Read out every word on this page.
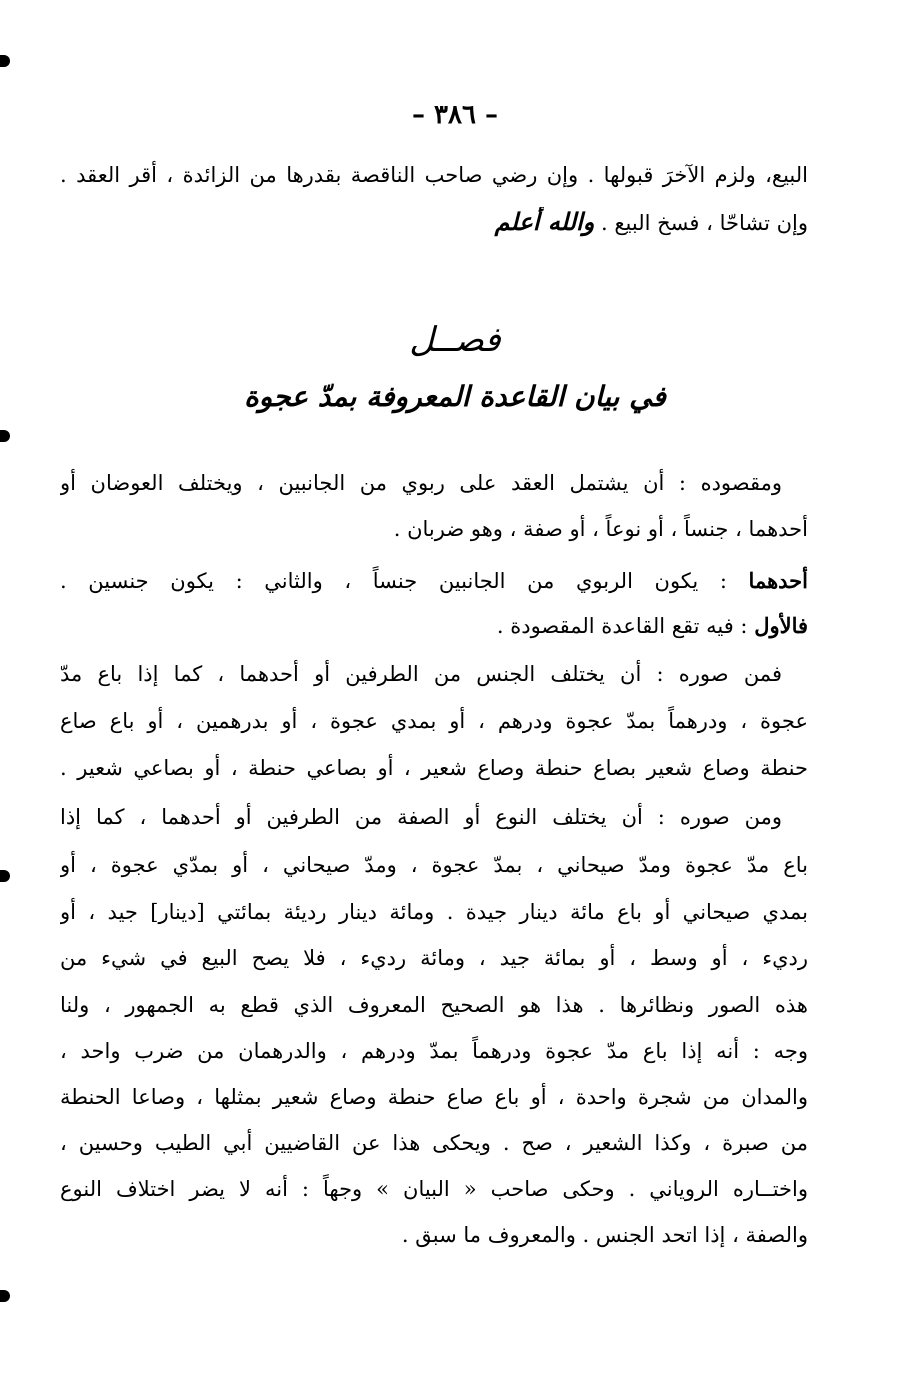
– ٣٨٦ –
البيع، ولزم الآخرَ قبولها . وإن رضي صاحب الناقصة بقدرها من الزائدة ، أقر العقد .
وإن تشاحّا ، فسخ البيع . والله أعلم
فصــل
في بيان القاعدة المعروفة بمدّ عجوة
ومقصوده : أن يشتمل العقد على ربوي من الجانبين ، ويختلف العوضان أو
أحدهما ، جنساً ، أو نوعاً ، أو صفة ، وهو ضربان .
أحدهما : يكون الربوي من الجانبين جنساً ، والثاني : يكون جنسين .
فالأول : فيه تقع القاعدة المقصودة .
فمن صوره : أن يختلف الجنس من الطرفين أو أحدهما ، كما إذا باع مدّ
عجوة ، ودرهماً بمدّ عجوة ودرهم ، أو بمدي عجوة ، أو بدرهمين ، أو باع صاع
حنطة وصاع شعير بصاع حنطة وصاع شعير ، أو بصاعي حنطة ، أو بصاعي شعير .
ومن صوره : أن يختلف النوع أو الصفة من الطرفين أو أحدهما ، كما إذا
باع مدّ عجوة ومدّ صيحاني ، بمدّ عجوة ، ومدّ صيحاني ، أو بمدّي عجوة ، أو
بمدي صيحاني أو باع مائة دينار جيدة . ومائة دينار رديئة بمائتي [دينار] جيد ، أو
رديء ، أو وسط ، أو بمائة جيد ، ومائة رديء ، فلا يصح البيع في شيء من
هذه الصور ونظائرها . هذا هو الصحيح المعروف الذي قطع به الجمهور ، ولنا
وجه : أنه إذا باع مدّ عجوة ودرهماً بمدّ ودرهم ، والدرهمان من ضرب واحد ،
والمدان من شجرة واحدة ، أو باع صاع حنطة وصاع شعير بمثلها ، وصاعا الحنطة
من صبرة ، وكذا الشعير ، صح . ويحكى هذا عن القاضيين أبي الطيب وحسين ،
واختــاره الروياني . وحكى صاحب « البيان » وجهاً : أنه لا يضر اختلاف النوع
والصفة ، إذا اتحد الجنس . والمعروف ما سبق .
